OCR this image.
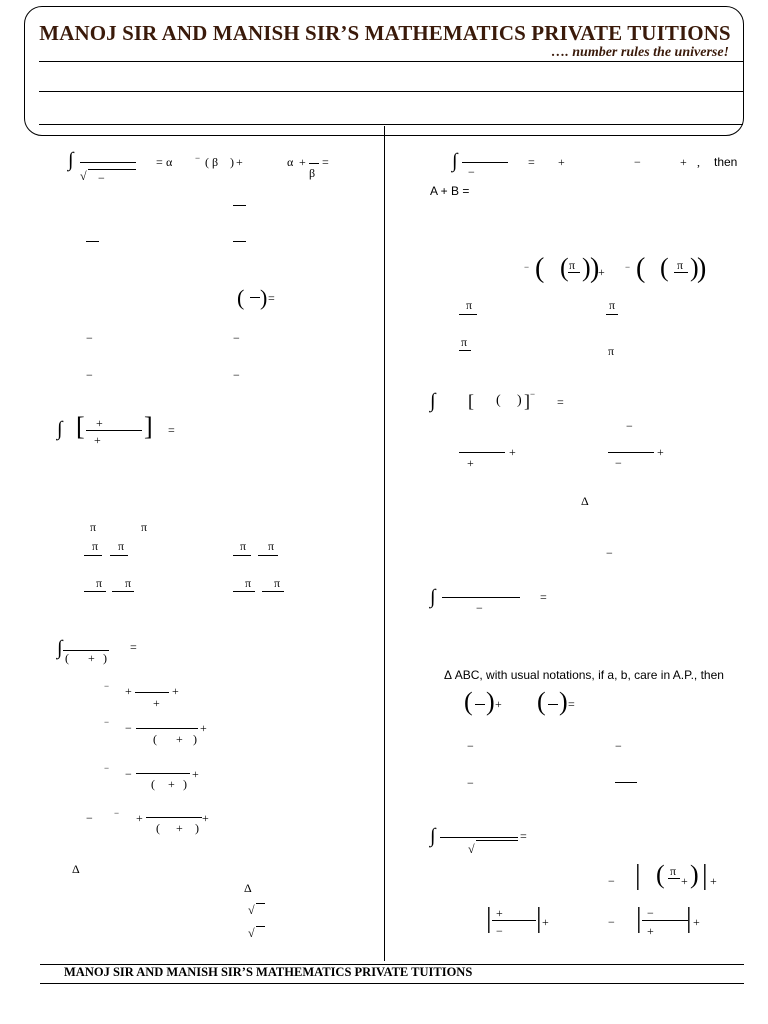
MANOJ SIR AND MANISH SIR’S MATHEMATICS PRIVATE TUITIONS
…. number rules the universe!
∫
√ −
= α	− ( β ) +	α +
β
=
( ) =
−	−
−	−
∫ [ +
+ ] =
π	π
π π	π π
π π	π π
∫ ( + )
=
− +
+
+
− −
( + )
+
− −
( + )
+
− − +
( + )
+
Δ
Δ
√
√
∫ −
= +	−	+ , then
A + B =
− ( ( π ) )
+ − ( ( π )
)
π	π
π
π
∫ [ ( ) ] −
=
−
+
+
−
+
Δ
−
∫	−
=
Δ ABC, with usual notations, if a, b, care in A.P., then
( ) + ( ) =
−	−
−
∫
√
=
− | ( π
+ ) | +
| +
− | +	− | −
+ | +
MANOJ SIR AND MANISH SIR’S MATHEMATICS PRIVATE TUITIONS
